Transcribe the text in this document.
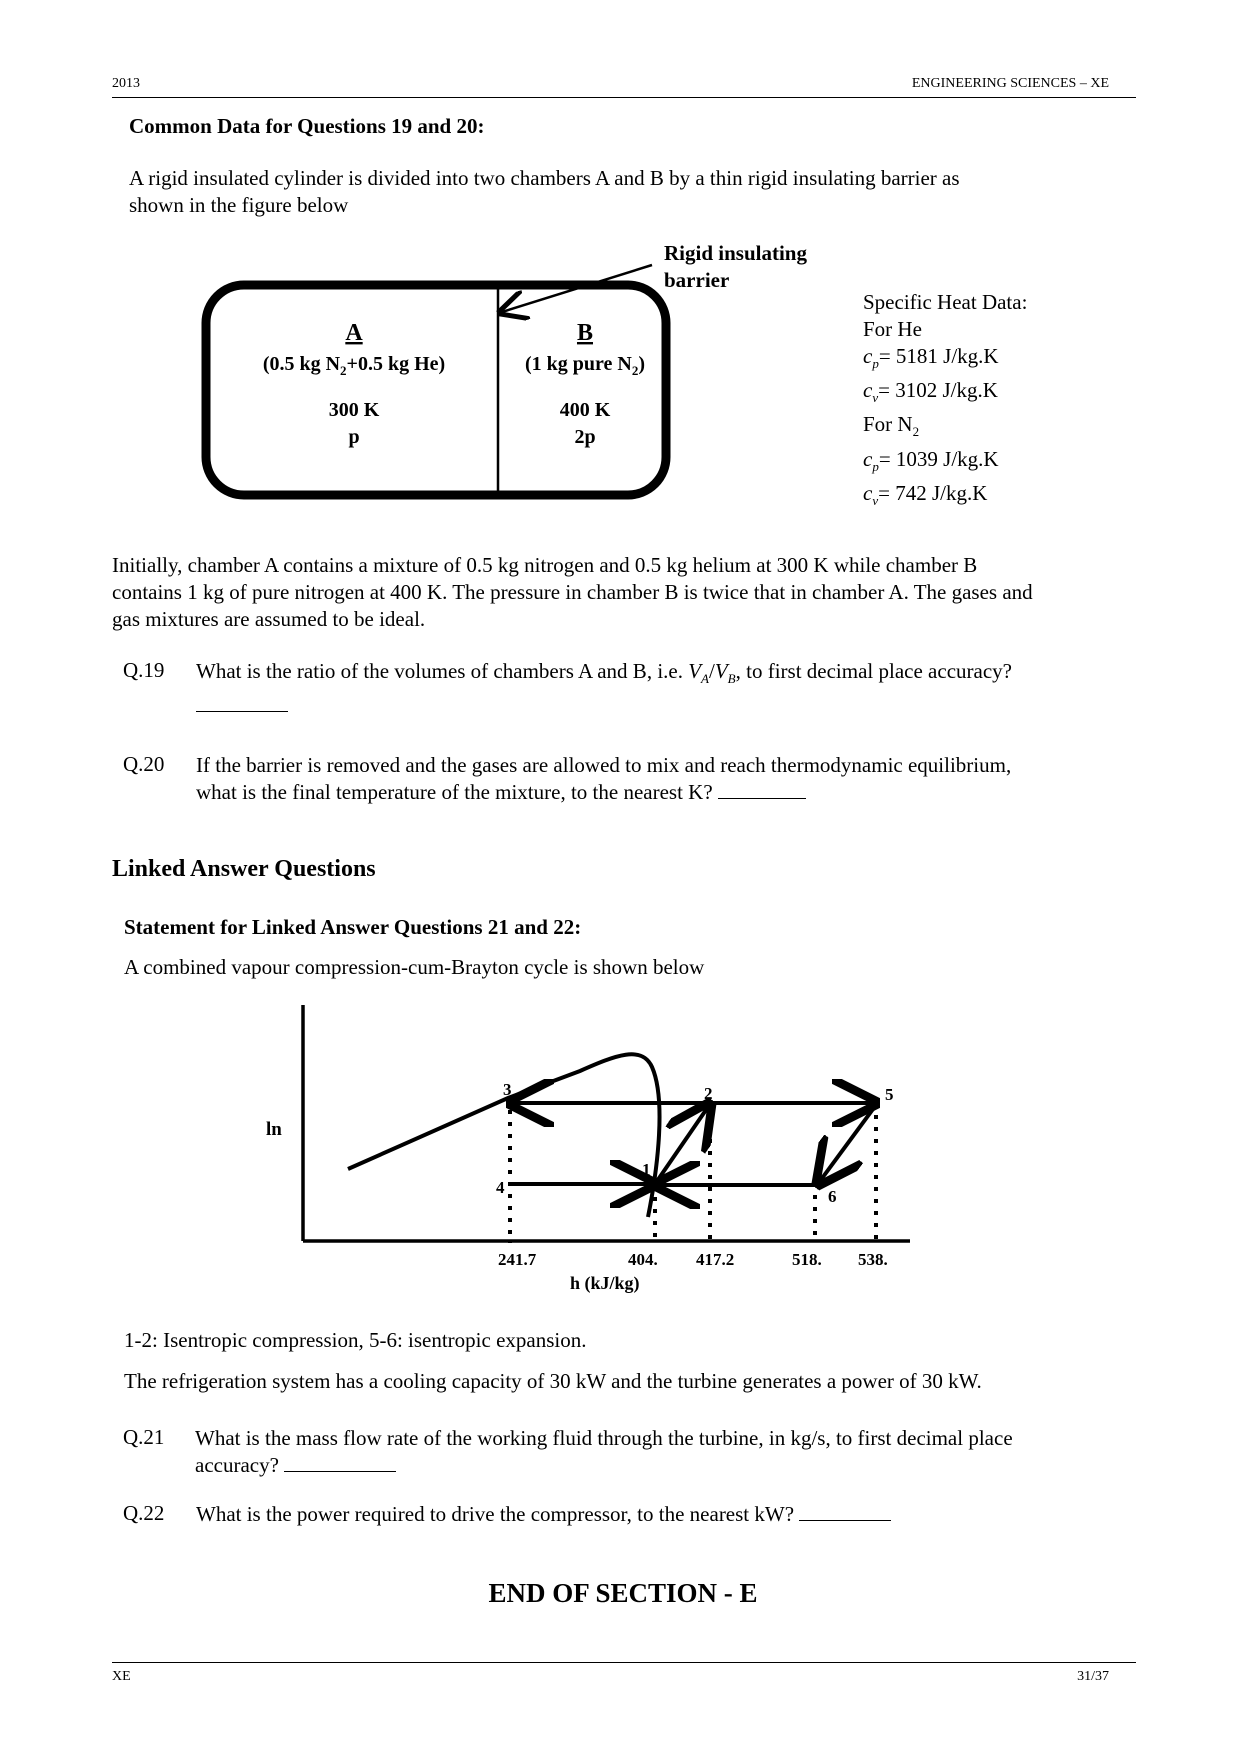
2013	ENGINEERING SCIENCES – XE
Common Data for Questions 19 and 20:
A rigid insulated cylinder is divided into two chambers A and B by a thin rigid insulating barrier as
shown in the figure below
Rigid insulating
barrier
A
(0.5 kg $N_2+0.5$ kg He)
300 K
p
B
(1 kg pure $N_2$)
400 K
2p
Specific Heat Data:
For He
$c_p= 5181$ J/kg.K
$c_v= 3102$ J/kg.K
For $N_2$
$c_p= 1039$ J/kg.K
$c_v= 742$ J/kg.K
Initially, chamber A contains a mixture of 0.5 kg nitrogen and 0.5 kg helium at 300 K while chamber B
contains 1 kg of pure nitrogen at 400 K. The pressure in chamber B is twice that in chamber A. The gases and
gas mixtures are assumed to be ideal.
Q.19 What is the ratio of the volumes of chambers A and B, i.e. $V_A/V_B$, to first decimal place accuracy?

Q.20 If the barrier is removed and the gases are allowed to mix and reach thermodynamic equilibrium,
what is the final temperature of the mixture, to the nearest K?
Linked Answer Questions
Statement for Linked Answer Questions 21 and 22:
A combined vapour compression-cum-Brayton cycle is shown below
ln
1
2
3
4
5
6
241.7	404. 417.2	518. 538.
h (kJ/kg)
1-2: Isentropic compression, 5-6: isentropic expansion.
The refrigeration system has a cooling capacity of 30 kW and the turbine generates a power of 30 kW.
Q.21 What is the mass flow rate of the working fluid through the turbine, in kg/s, to first decimal place
accuracy?
Q.22 What is the power required to drive the compressor, to the nearest kW?
END OF SECTION - E
XE	31/37
